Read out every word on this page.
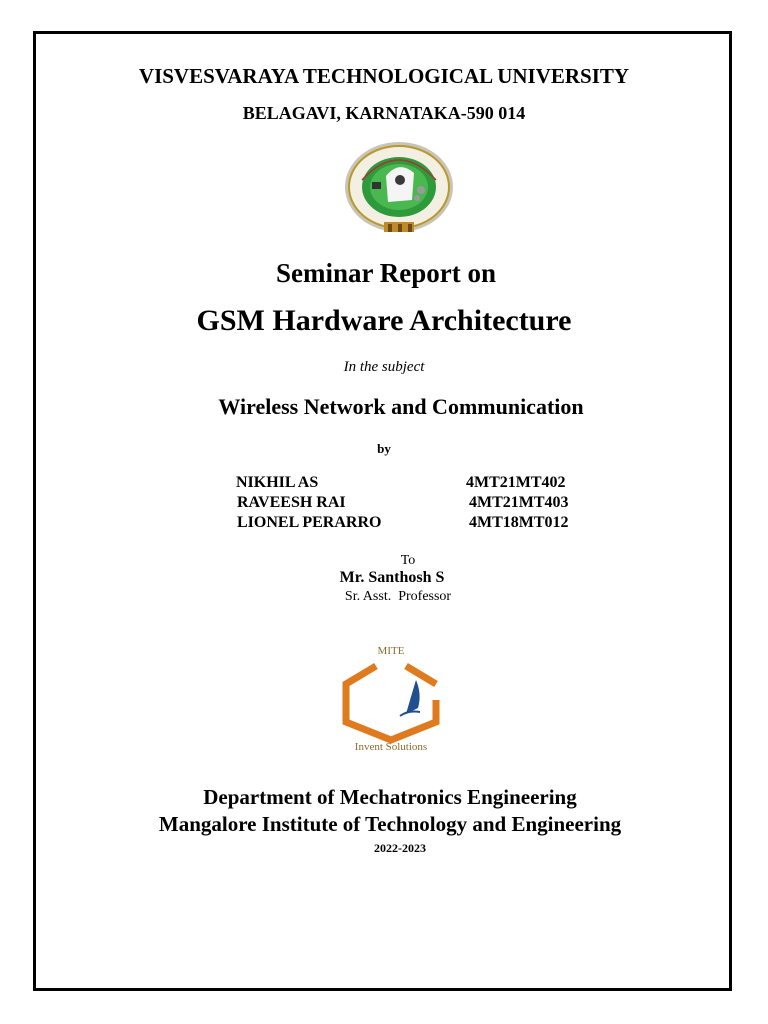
VISVESVARAYA TECHNOLOGICAL UNIVERSITY
BELAGAVI, KARNATAKA-590 014
Seminar Report on
GSM Hardware Architecture
In the subject
Wireless Network and Communication
by
NIKHIL AS	4MT21MT402
RAVEESH RAI	4MT21MT403
LIONEL PERARRO	4MT18MT012
To
Mr. Santhosh S
Sr. Asst.  Professor
MITE
Invent Solutions
Department of Mechatronics Engineering
Mangalore Institute of Technology and Engineering
2022-2023
